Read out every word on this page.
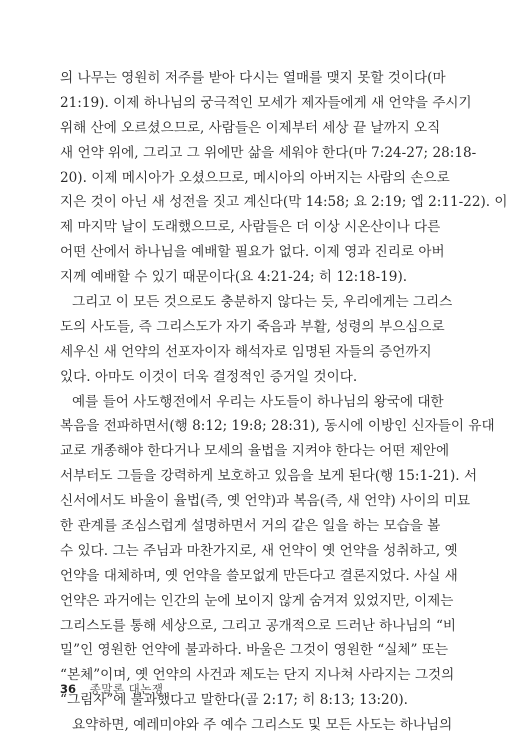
의 나무는 영원히 저주를 받아 다시는 열매를 맺지 못할 것이다(마
21:19). 이제 하나님의 궁극적인 모세가 제자들에게 새 언약을 주시기
위해 산에 오르셨으므로, 사람들은 이제부터 세상 끝 날까지 오직
새 언약 위에, 그리고 그 위에만 삶을 세워야 한다(마 7:24-27; 28:18-
20). 이제 메시아가 오셨으므로, 메시아의 아버지는 사람의 손으로
지은 것이 아닌 새 성전을 짓고 계신다(막 14:58; 요 2:19; 엡 2:11-22). 이
제 마지막 날이 도래했으므로, 사람들은 더 이상 시온산이나 다른
어떤 산에서 하나님을 예배할 필요가 없다. 이제 영과 진리로 아버
지께 예배할 수 있기 때문이다(요 4:21-24; 히 12:18-19).
그리고 이 모든 것으로도 충분하지 않다는 듯, 우리에게는 그리스
도의 사도들, 즉 그리스도가 자기 죽음과 부활, 성령의 부으심으로
세우신 새 언약의 선포자이자 해석자로 임명된 자들의 증언까지
있다. 아마도 이것이 더욱 결정적인 증거일 것이다.
예를 들어 사도행전에서 우리는 사도들이 하나님의 왕국에 대한
복음을 전파하면서(행 8:12; 19:8; 28:31), 동시에 이방인 신자들이 유대
교로 개종해야 한다거나 모세의 율법을 지켜야 한다는 어떤 제안에
서부터도 그들을 강력하게 보호하고 있음을 보게 된다(행 15:1-21). 서
신서에서도 바울이 율법(즉, 옛 언약)과 복음(즉, 새 언약) 사이의 미묘
한 관계를 조심스럽게 설명하면서 거의 같은 일을 하는 모습을 볼
수 있다. 그는 주님과 마찬가지로, 새 언약이 옛 언약을 성취하고, 옛
언약을 대체하며, 옛 언약을 쓸모없게 만든다고 결론지었다. 사실 새
언약은 과거에는 인간의 눈에 보이지 않게 숨겨져 있었지만, 이제는
그리스도를 통해 세상으로, 그리고 공개적으로 드러난 하나님의 “비
밀”인 영원한 언약에 불과하다. 바울은 그것이 영원한 “실체” 또는
“본체”이며, 옛 언약의 사건과 제도는 단지 지나쳐 사라지는 그것의
“그림자”에 불과했다고 말한다(골 2:17; 히 8:13; 13:20).
요약하면, 예레미야와 주 예수 그리스도 및 모든 사도는 하나님의
36 종말론 대논쟁
